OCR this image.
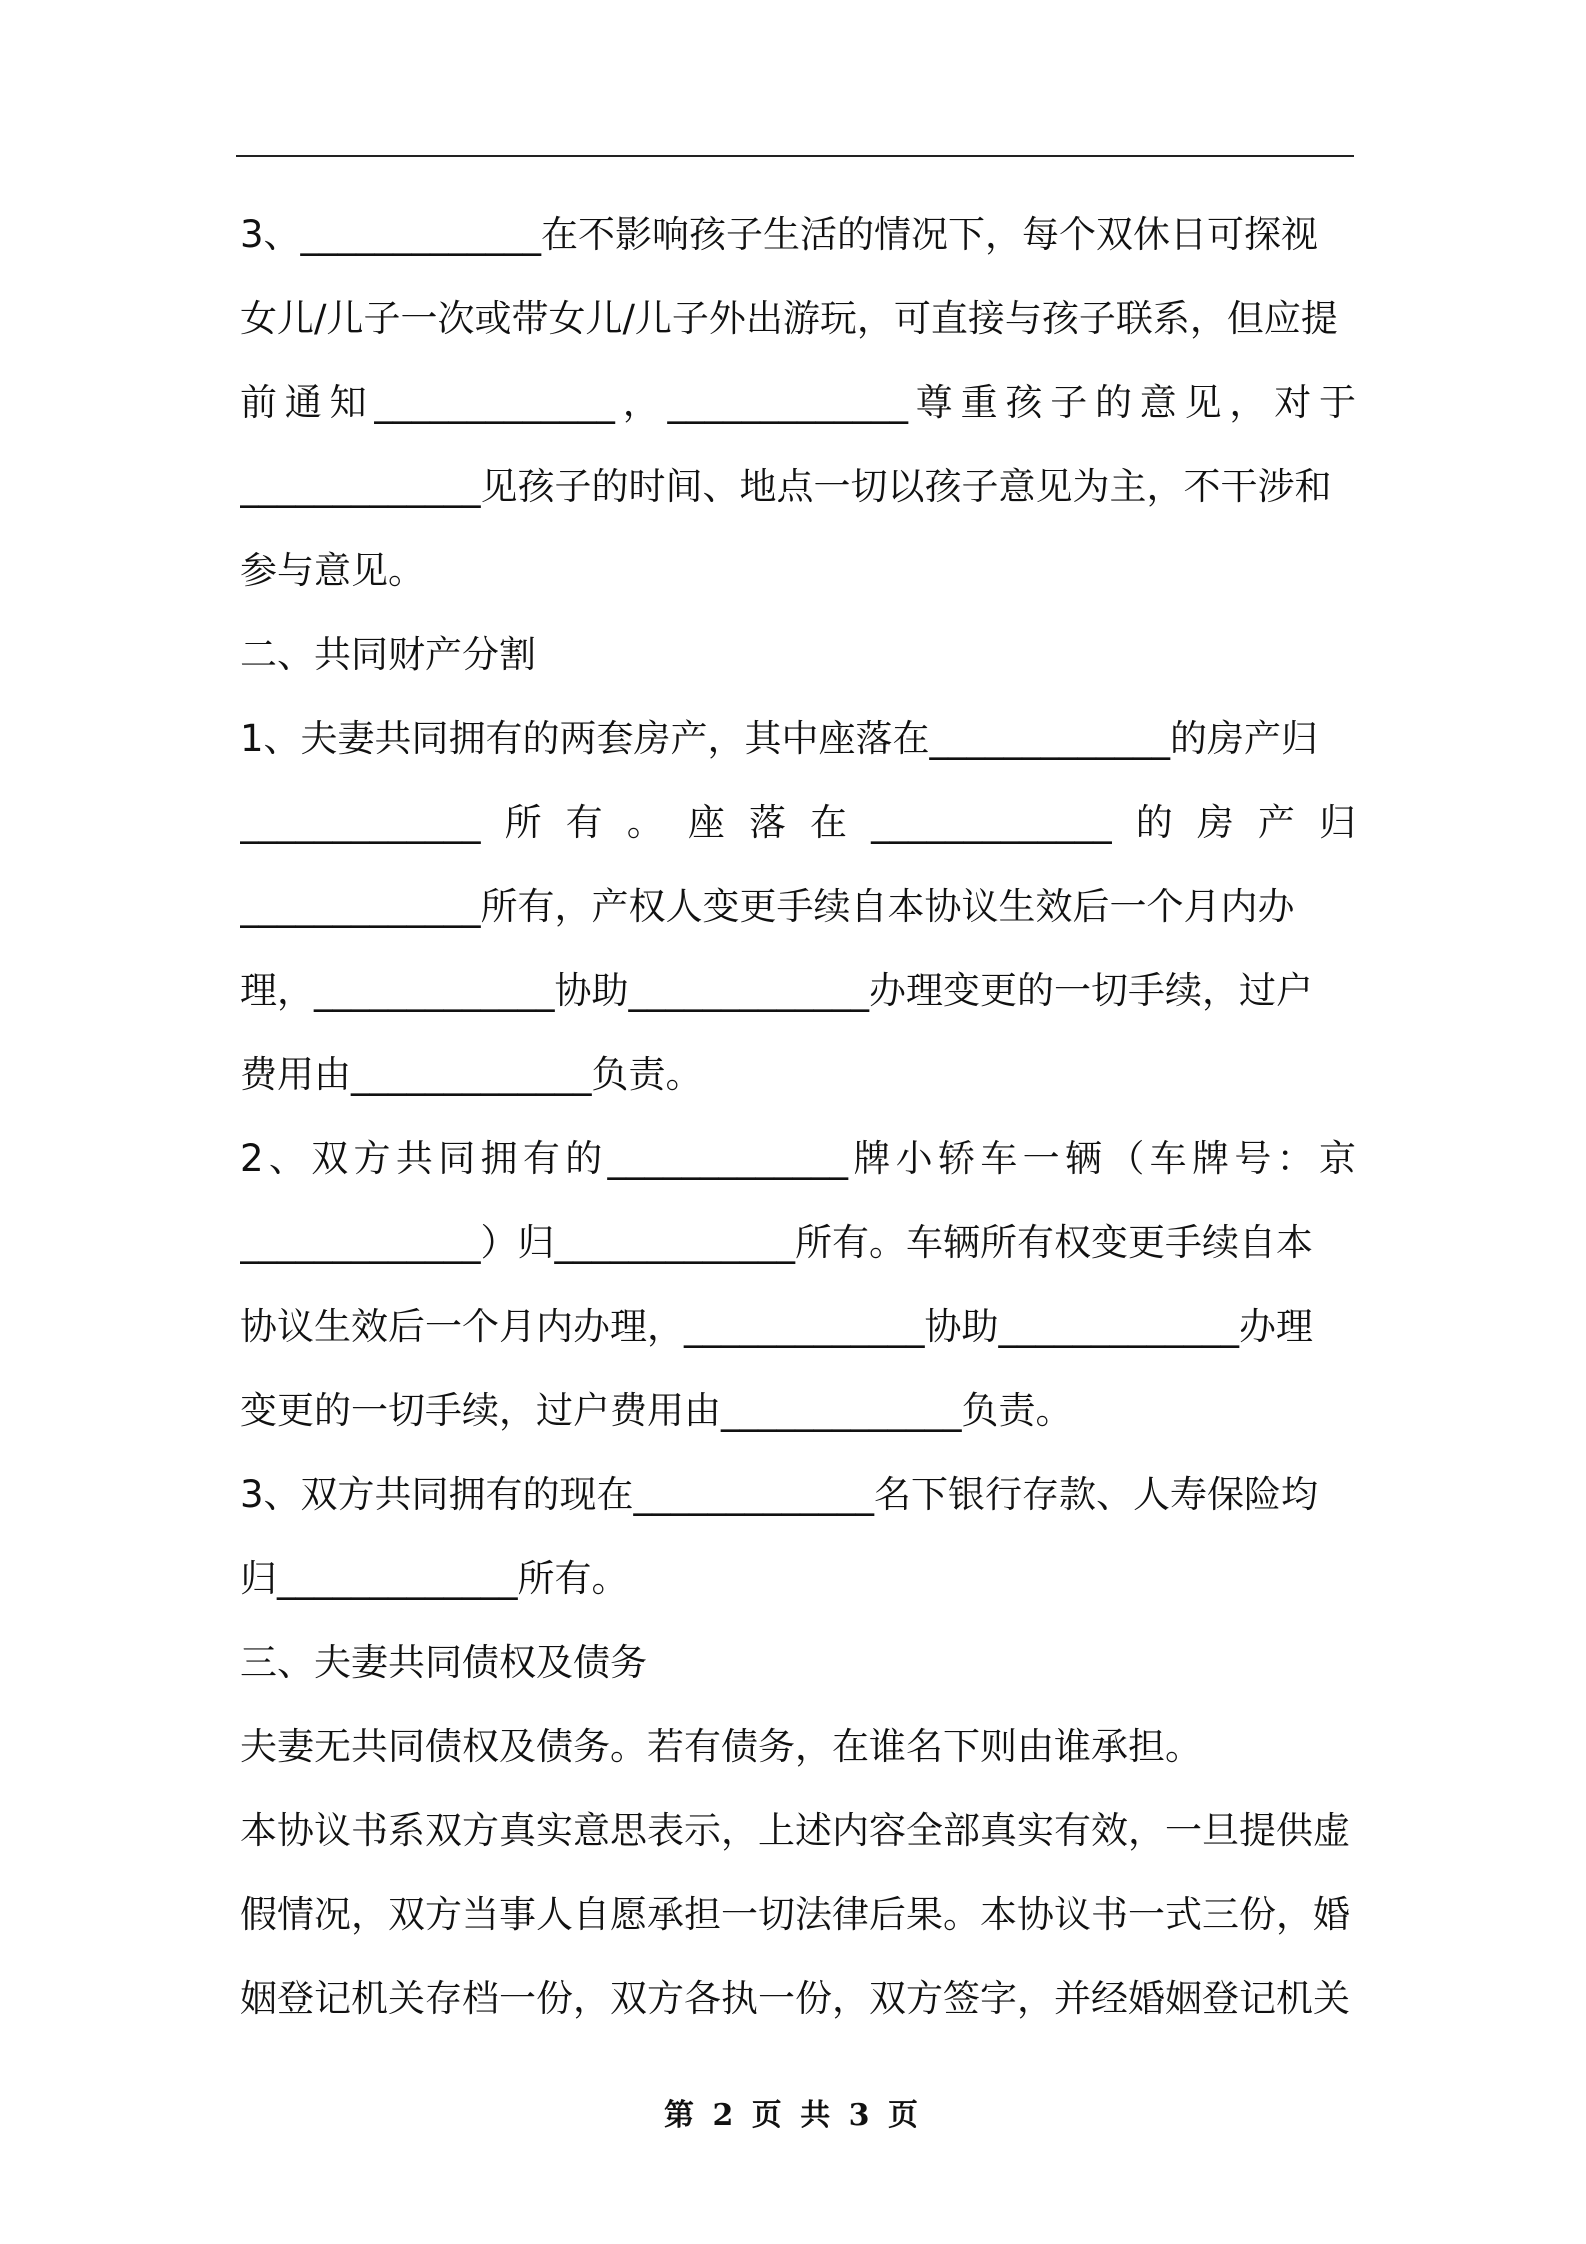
3、_____________在不影响孩子生活的情况下，每个双休日可探视
女儿/儿子一次或带女儿/儿子外出游玩，可直接与孩子联系，但应提
前通知_____________，_____________尊重孩子的意见，对于
_____________见孩子的时间、地点一切以孩子意见为主，不干涉和
参与意见。
二、共同财产分割
1、夫妻共同拥有的两套房产，其中座落在_____________的房产归
_____________所有。座落在_____________的房产归
_____________所有，产权人变更手续自本协议生效后一个月内办
理，_____________协助_____________办理变更的一切手续，过户
费用由_____________负责。
2、双方共同拥有的_____________牌小轿车一辆（车牌号：京
_____________）归_____________所有。车辆所有权变更手续自本
协议生效后一个月内办理，_____________协助_____________办理
变更的一切手续，过户费用由_____________负责。
3、双方共同拥有的现在_____________名下银行存款、人寿保险均
归_____________所有。
三、夫妻共同债权及债务
夫妻无共同债权及债务。若有债务，在谁名下则由谁承担。
本协议书系双方真实意思表示，上述内容全部真实有效，一旦提供虚
假情况，双方当事人自愿承担一切法律后果。本协议书一式三份，婚
姻登记机关存档一份，双方各执一份，双方签字，并经婚姻登记机关
第 2 页 共 3 页
